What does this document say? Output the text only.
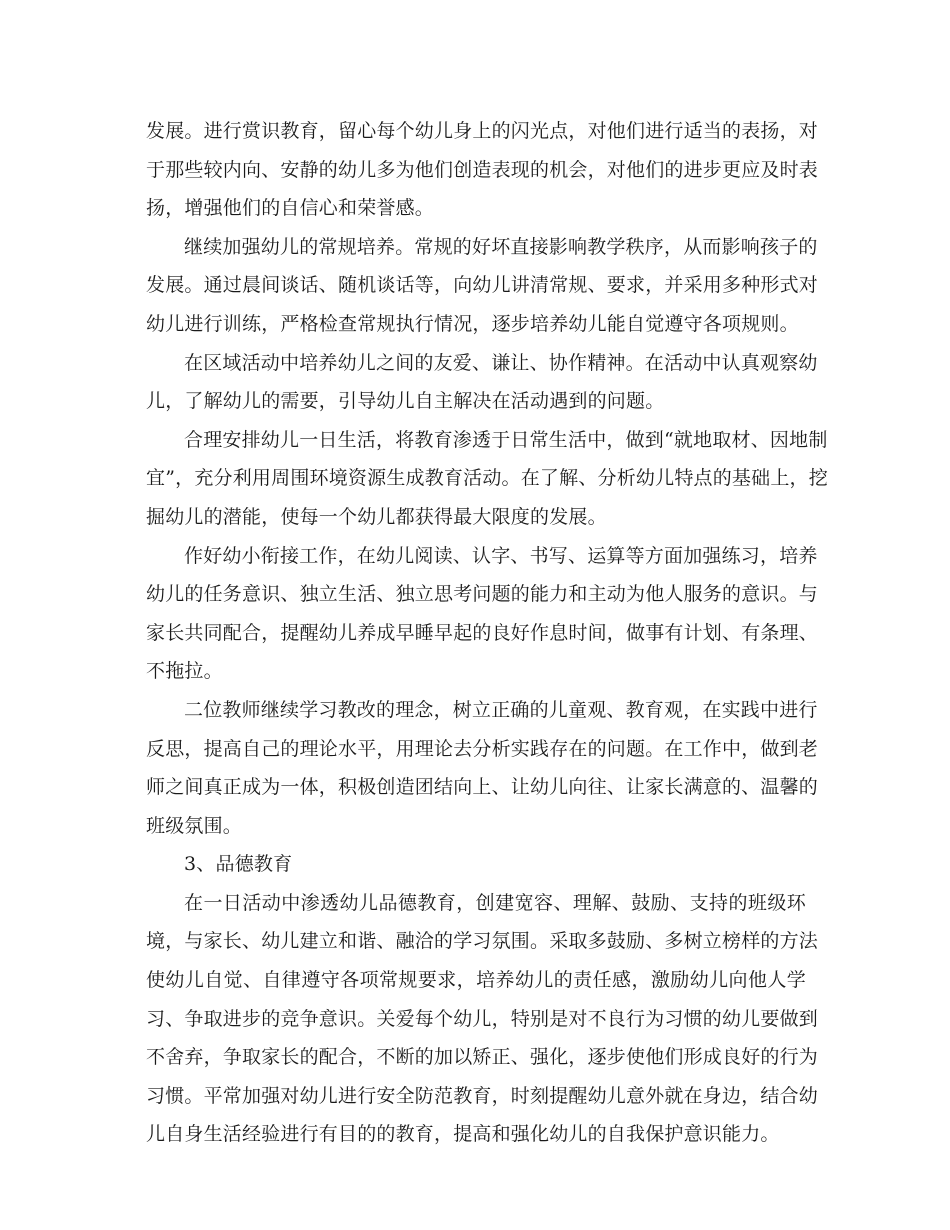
发展。进行赏识教育，留心每个幼儿身上的闪光点，对他们进行适当的表扬，对
于那些较内向、安静的幼儿多为他们创造表现的机会，对他们的进步更应及时表
扬，增强他们的自信心和荣誉感。
继续加强幼儿的常规培养。常规的好坏直接影响教学秩序，从而影响孩子的
发展。通过晨间谈话、随机谈话等，向幼儿讲清常规、要求，并采用多种形式对
幼儿进行训练，严格检查常规执行情况，逐步培养幼儿能自觉遵守各项规则。
在区域活动中培养幼儿之间的友爱、谦让、协作精神。在活动中认真观察幼
儿，了解幼儿的需要，引导幼儿自主解决在活动遇到的问题。
合理安排幼儿一日生活，将教育渗透于日常生活中，做到“就地取材、因地制
宜”，充分利用周围环境资源生成教育活动。在了解、分析幼儿特点的基础上，挖
掘幼儿的潜能，使每一个幼儿都获得最大限度的发展。
作好幼小衔接工作，在幼儿阅读、认字、书写、运算等方面加强练习，培养
幼儿的任务意识、独立生活、独立思考问题的能力和主动为他人服务的意识。与
家长共同配合，提醒幼儿养成早睡早起的良好作息时间，做事有计划、有条理、
不拖拉。
二位教师继续学习教改的理念，树立正确的儿童观、教育观，在实践中进行
反思，提高自己的理论水平，用理论去分析实践存在的问题。在工作中，做到老
师之间真正成为一体，积极创造团结向上、让幼儿向往、让家长满意的、温馨的
班级氛围。
3、品德教育
在一日活动中渗透幼儿品德教育，创建宽容、理解、鼓励、支持的班级环
境，与家长、幼儿建立和谐、融洽的学习氛围。采取多鼓励、多树立榜样的方法
使幼儿自觉、自律遵守各项常规要求，培养幼儿的责任感，激励幼儿向他人学
习、争取进步的竞争意识。关爱每个幼儿，特别是对不良行为习惯的幼儿要做到
不舍弃，争取家长的配合，不断的加以矫正、强化，逐步使他们形成良好的行为
习惯。平常加强对幼儿进行安全防范教育，时刻提醒幼儿意外就在身边，结合幼
儿自身生活经验进行有目的的教育，提高和强化幼儿的自我保护意识能力。
